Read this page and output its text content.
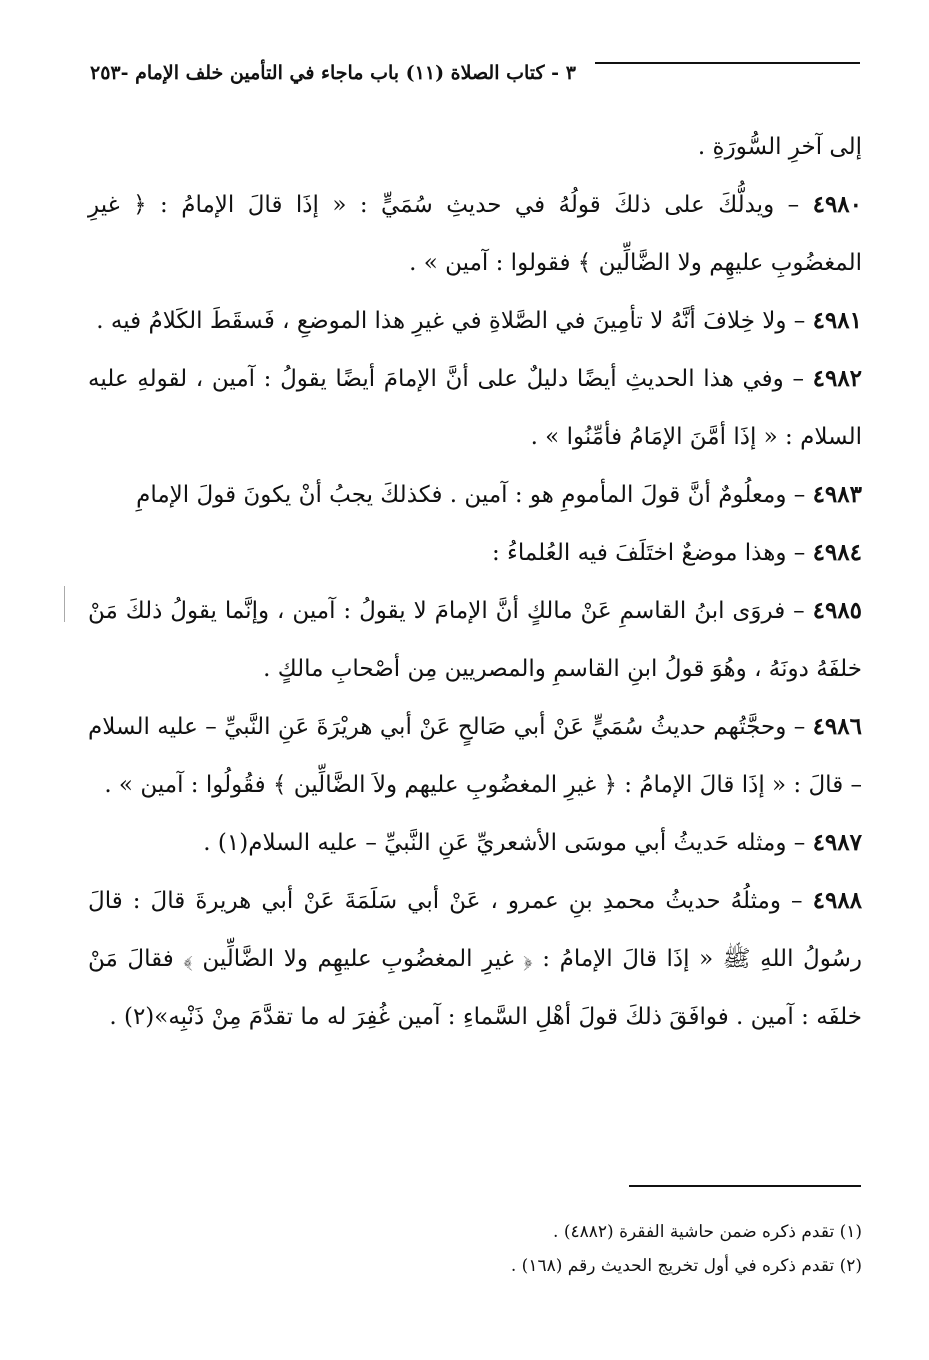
٣ - كتاب الصلاة (١١) باب ماجاء في التأمين خلف الإمام -٢٥٣

إلى آخرِ السُّورَةِ .

٤٩٨٠ – ويدلُّكَ على ذلكَ قولُهُ في حديثِ سُمَيٍّ : « إذَا قالَ الإمامُ : ﴿ غيرِ المغضُوبِ عليهِم ولا الضَّالِّين ﴾ فقولوا : آمين » .

٤٩٨١ – ولا خِلافَ أنَّهُ لا تأمِينَ في الصَّلاةِ في غيرِ هذا الموضعِ ، فَسقَطَ الكَلامُ فيه .

٤٩٨٢ – وفي هذا الحديثِ أيضًا دليلٌ على أنَّ الإمامَ أيضًا يقولُ : آمين ، لقولهِ عليه السلام : « إذَا أمَّنَ الإمَامُ فأمِّنُوا » .

٤٩٨٣ – ومعلُومٌ أنَّ قولَ المأمومِ هو : آمين . فكذلكَ يجبُ أنْ يكونَ قولَ الإمامِ

٤٩٨٤ – وهذا موضعٌ اختَلَفَ فيه العُلماءُ :

٤٩٨٥ – فروَى ابنُ القاسمِ عَنْ مالكٍ أنَّ الإمامَ لا يقولُ : آمين ، وإنَّما يقولُ ذلكَ مَنْ خلفَهُ دونَهُ ، وهُوَ قولُ ابنِ القاسمِ والمصريين مِن أصْحابِ مالكٍ .

٤٩٨٦ – وحجَّتُهم حديثُ سُمَيٍّ عَنْ أبي صَالحٍ عَنْ أبي هريْرَةَ عَنِ النَّبيِّ – عليه السلام – قالَ : « إذَا قالَ الإمامُ : ﴿ غيرِ المغضُوبِ عليهم ولاَ الضَّالِّين ﴾ فقُولُوا : آمين » .

٤٩٨٧ – ومثله حَديثُ أبي موسَى الأشعريِّ عَنِ النَّبيِّ – عليه السلام(١) .

٤٩٨٨ – ومثلُهُ حديثُ محمدِ بنِ عمرو ، عَنْ أبي سَلَمَةَ عَنْ أبي هريرةَ قالَ : قالَ رسُولُ اللهِ ﷺ « إذَا قالَ الإمامُ : ﴿ غيرِ المغضُوبِ عليهِم ولا الضَّالِّين ﴾ فقالَ مَنْ خلفَه : آمين . فوافَقَ ذلكَ قولَ أهْلِ السَّماءِ : آمين غُفِرَ له ما تقدَّمَ مِنْ ذَنْبِه»(٢) .

(١) تقدم ذكره ضمن حاشية الفقرة (٤٨٨٢) .

(٢) تقدم ذكره في أول تخريج الحديث رقم (١٦٨) .
